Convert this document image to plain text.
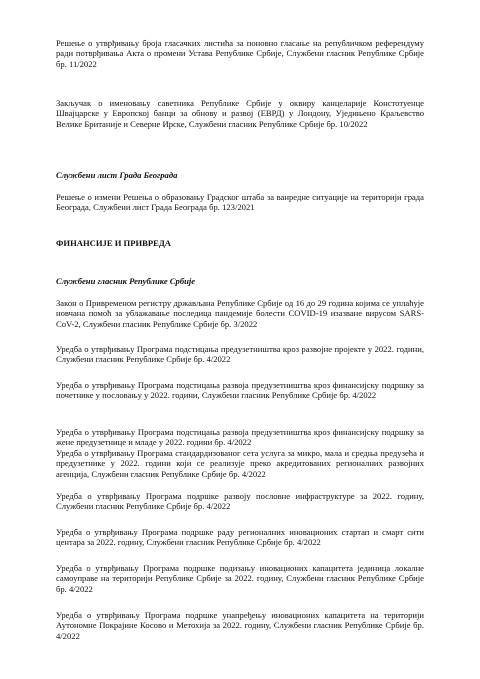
Решење о утврђивању броја гласачких листића за поновно гласање на републичком референдуму ради потврђивања Акта о промени Устава Републике Србије, Службени гласник Републике Србије бр. 11/2022

Закључак о именовању саветника Републике Србије у оквиру канцеларије Констотуенце Швајцарске у Европској банци за обнову и развој (ЕВРД) у Лондону, Уједињено Краљевство Велике Британије и Северне Ирске, Службени гласник Републике Србије бр. 10/2022

Службени лист Града Београда

Решење о измени Решења о образовању Градског штаба за ванредне ситуације на територији града Београда, Службени лист Града Београда бр. 123/2021

ФИНАНСИЈЕ И ПРИВРЕДА

Службени гласник Републике Србије

Закон о Привременом регистру држављана Републике Србије од 16 до 29 година којима се уплаћује новчана помоћ за ублажавање последица пандемије болести COVID-19 изазване вирусом SARS-CoV-2, Службени гласник Републике Србије бр. 3/2022

Уредба о утврђивању Програма подстицања предузетништва кроз развојне пројекте у 2022. години, Службени гласник Републике Србије бр. 4/2022

Уредба о утврђивању Програма подстицања развоја предузетништва кроз финансијску подршку за почетнике у пословању у 2022. години, Службени гласник Републике Србије бр. 4/2022

Уредба о утврђивању Програма подстицања развоја предузетништва кроз финансијску подршку за жене предузетнице и младе у 2022. години бр. 4/2022

Уредба о утврђивању Програма стандардизованог сета услуга за микро, мала и средња предузећа и предузетнике у 2022. години који се реализује преко акредитованих регионалних развојних агенција, Службени гласник Републике Србије бр. 4/2022

Уредба о утврђивању Програма подршке развоју пословне инфраструктуре за 2022. годину, Службени гласник Републике Србије бр. 4/2022

Уредба о утврђивању Програма подршке раду регионалних иновационих стартап и смарт сити центара за 2022. годину, Службени гласник Републике Србије бр. 4/2022

Уредба о утврђивању Програма подршке подизању иновационих капацитета јединица локалне самоуправе на територији Републике Србије за 2022. годину, Службени гласник Републике Србије бр. 4/2022

Уредба о утврђивању Програма подршке унапређењу иновационих капацитета на територији Аутономне Покрајине Косово и Метохија за 2022. годину, Службени гласник Републике Србије бр. 4/2022
